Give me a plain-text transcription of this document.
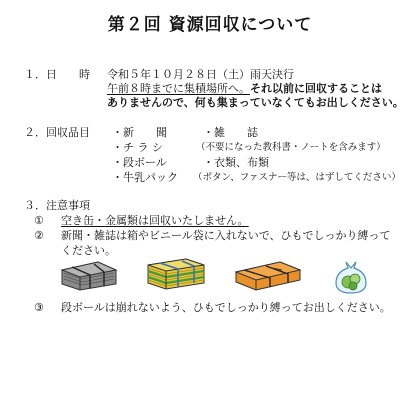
第２回 資源回収について
１． 日　　時 令和５年１０月２８日（土）雨天決行
午前８時までに集積場所へ。それ以前に回収することは
ありませんので、何も集まっていなくてもお出しください。
２． 回収品目 ・新　　聞	・雑　　誌
・チ ラ シ	（不要になった教科書・ノートを含みます）
・段ボール	・衣類、布類
・牛乳パック （ボタン、ファスナー等は、はずしてください）
３． 注意事項
① 空き缶・金属類は回収いたしません。
② 新聞・雑誌は箱やビニール袋に入れないで、ひもでしっかり縛って
ください。
③ 段ボールは崩れないよう、ひもでしっかり縛ってお出しください。
